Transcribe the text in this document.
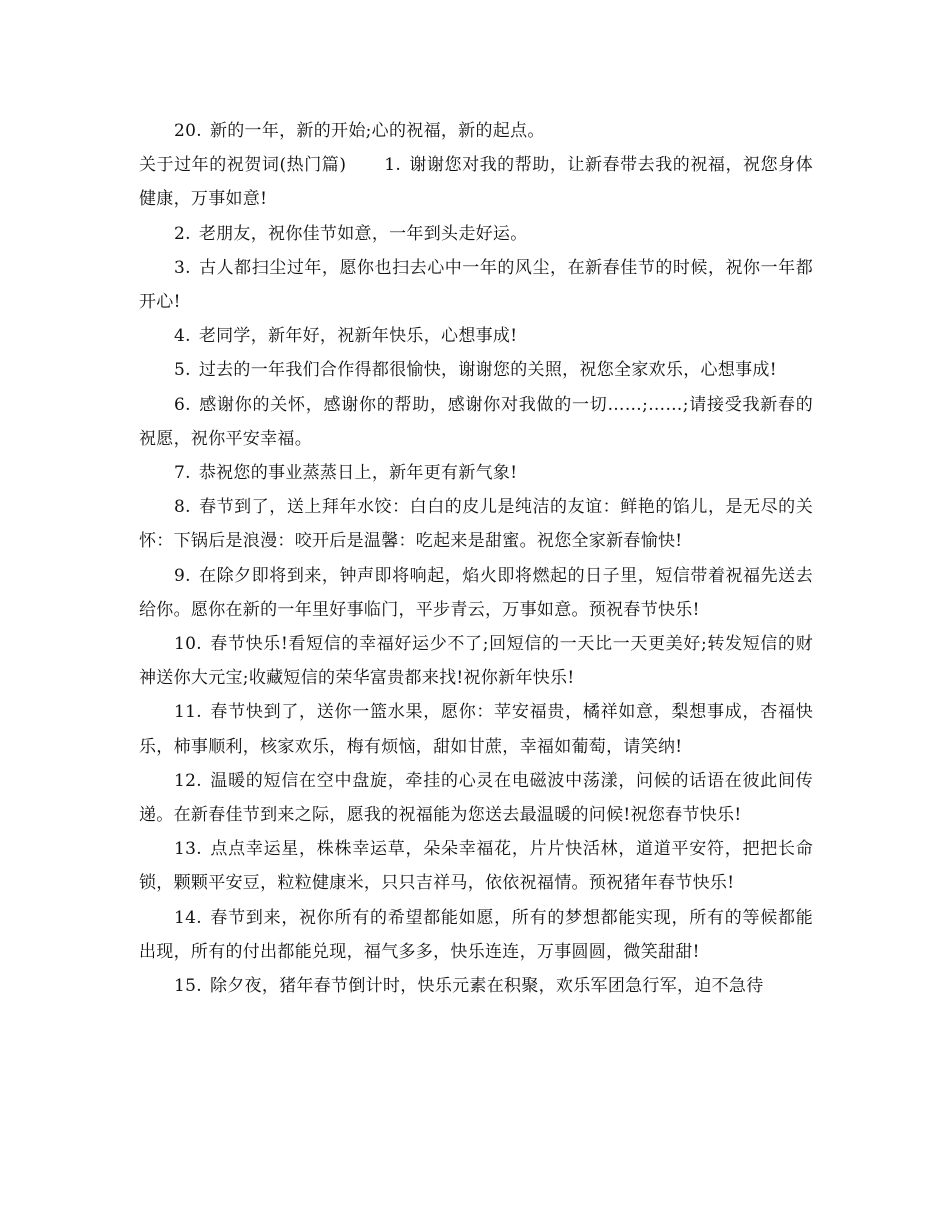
20. 新的一年，新的开始;心的祝福，新的起点。

关于过年的祝贺词(热门篇) 1. 谢谢您对我的帮助，让新春带去我的祝福，祝您身体健康，万事如意!

2. 老朋友，祝你佳节如意，一年到头走好运。

3. 古人都扫尘过年，愿你也扫去心中一年的风尘，在新春佳节的时候，祝你一年都开心!

4. 老同学，新年好，祝新年快乐，心想事成!

5. 过去的一年我们合作得都很愉快，谢谢您的关照，祝您全家欢乐，心想事成!

6. 感谢你的关怀，感谢你的帮助，感谢你对我做的一切……;……;请接受我新春的祝愿，祝你平安幸福。

7. 恭祝您的事业蒸蒸日上，新年更有新气象!

8. 春节到了，送上拜年水饺：白白的皮儿是纯洁的友谊：鲜艳的馅儿，是无尽的关怀：下锅后是浪漫：咬开后是温馨：吃起来是甜蜜。祝您全家新春愉快!

9. 在除夕即将到来，钟声即将响起，焰火即将燃起的日子里，短信带着祝福先送去给你。愿你在新的一年里好事临门，平步青云，万事如意。预祝春节快乐!

10. 春节快乐!看短信的幸福好运少不了;回短信的一天比一天更美好;转发短信的财神送你大元宝;收藏短信的荣华富贵都来找!祝你新年快乐!

11. 春节快到了，送你一篮水果，愿你：苹安福贵，橘祥如意，梨想事成，杏福快乐，柿事顺利，核家欢乐，梅有烦恼，甜如甘蔗，幸福如葡萄，请笑纳!

12. 温暖的短信在空中盘旋，牵挂的心灵在电磁波中荡漾，问候的话语在彼此间传递。在新春佳节到来之际，愿我的祝福能为您送去最温暖的问候!祝您春节快乐!

13. 点点幸运星，株株幸运草，朵朵幸福花，片片快活林，道道平安符，把把长命锁，颗颗平安豆，粒粒健康米，只只吉祥马，依依祝福情。预祝猪年春节快乐!

14. 春节到来，祝你所有的希望都能如愿，所有的梦想都能实现，所有的等候都能出现，所有的付出都能兑现，福气多多，快乐连连，万事圆圆，微笑甜甜!

15. 除夕夜，猪年春节倒计时，快乐元素在积聚，欢乐军团急行军，迫不急待
